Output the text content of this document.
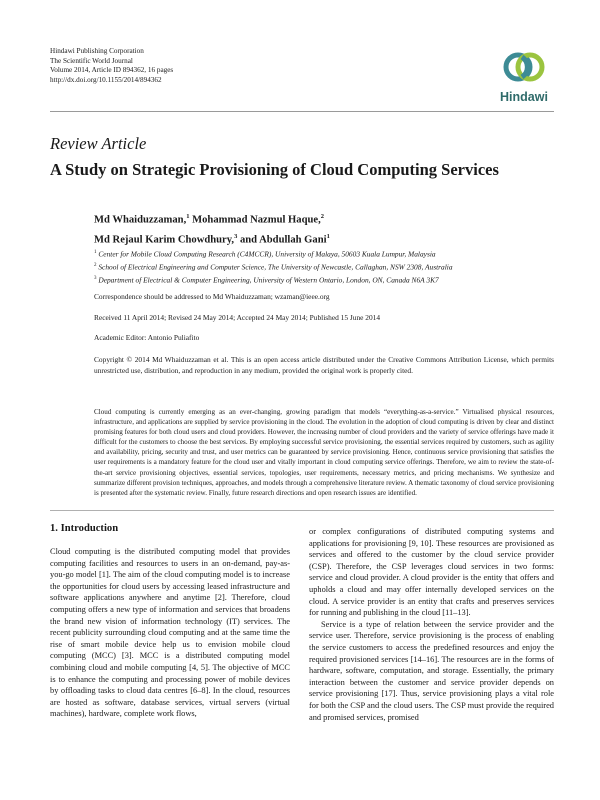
Hindawi Publishing Corporation
The Scientific World Journal
Volume 2014, Article ID 894362, 16 pages
http://dx.doi.org/10.1155/2014/894362
Hindawi
Review Article
A Study on Strategic Provisioning of Cloud Computing Services
Md Whaiduzzaman,$^1$ Mohammad Nazmul Haque,$^2$
Md Rejaul Karim Chowdhury,$^3$ and Abdullah Gani$^1$
$^1$ Center for Mobile Cloud Computing Research (C4MCCR), University of Malaya, 50603 Kuala Lumpur, Malaysia
$^2$ School of Electrical Engineering and Computer Science, The University of Newcastle, Callaghan, NSW 2308, Australia
$^3$ Department of Electrical & Computer Engineering, University of Western Ontario, London, ON, Canada N6A 3K7
Correspondence should be addressed to Md Whaiduzzaman; wzaman@ieee.org
Received 11 April 2014; Revised 24 May 2014; Accepted 24 May 2014; Published 15 June 2014
Academic Editor: Antonio Puliafito
Copyright © 2014 Md Whaiduzzaman et al. This is an open access article distributed under the Creative Commons Attribution License, which permits unrestricted use, distribution, and reproduction in any medium, provided the original work is properly cited.
Cloud computing is currently emerging as an ever-changing, growing paradigm that models “everything-as-a-service.” Virtualised physical resources, infrastructure, and applications are supplied by service provisioning in the cloud. The evolution in the adoption of cloud computing is driven by clear and distinct promising features for both cloud users and cloud providers. However, the increasing number of cloud providers and the variety of service offerings have made it difficult for the customers to choose the best services. By employing successful service provisioning, the essential services required by customers, such as agility and availability, pricing, security and trust, and user metrics can be guaranteed by service provisioning. Hence, continuous service provisioning that satisfies the user requirements is a mandatory feature for the cloud user and vitally important in cloud computing service offerings. Therefore, we aim to review the state-of-the-art service provisioning objectives, essential services, topologies, user requirements, necessary metrics, and pricing mechanisms. We synthesize and summarize different provision techniques, approaches, and models through a comprehensive literature review. A thematic taxonomy of cloud service provisioning is presented after the systematic review. Finally, future research directions and open research issues are identified.
1. Introduction

Cloud computing is the distributed computing model that provides computing facilities and resources to users in an on-demand, pay-as-you-go model [1]. The aim of the cloud computing model is to increase the opportunities for cloud users by accessing leased infrastructure and software applications anywhere and anytime [2]. Therefore, cloud computing offers a new type of information and services that broadens the brand new vision of information technology (IT) services. The recent publicity surrounding cloud computing and at the same time the rise of smart mobile device help us to envision mobile cloud computing (MCC) [3]. MCC is a distributed computing model combining cloud and mobile computing [4, 5]. The objective of MCC is to enhance the computing and processing power of mobile devices by offloading tasks to cloud data centres [6–8]. In the cloud, resources are hosted as software, database services, virtual servers (virtual machines), hardware, complete work flows,

or complex configurations of distributed computing systems and applications for provisioning [9, 10]. These resources are provisioned as services and offered to the customer by the cloud service provider (CSP). Therefore, the CSP leverages cloud services in two forms: service and cloud provider. A cloud provider is the entity that offers and upholds a cloud and may offer internally developed services on the cloud. A service provider is an entity that crafts and preserves services for running and publishing in the cloud [11–13].

Service is a type of relation between the service provider and the service user. Therefore, service provisioning is the process of enabling the service customers to access the predefined resources and enjoy the required provisioned services [14–16]. The resources are in the forms of hardware, software, computation, and storage. Essentially, the primary interaction between the customer and service provider depends on service provisioning [17]. Thus, service provisioning plays a vital role for both the CSP and the cloud users. The CSP must provide the required and promised services, promised
